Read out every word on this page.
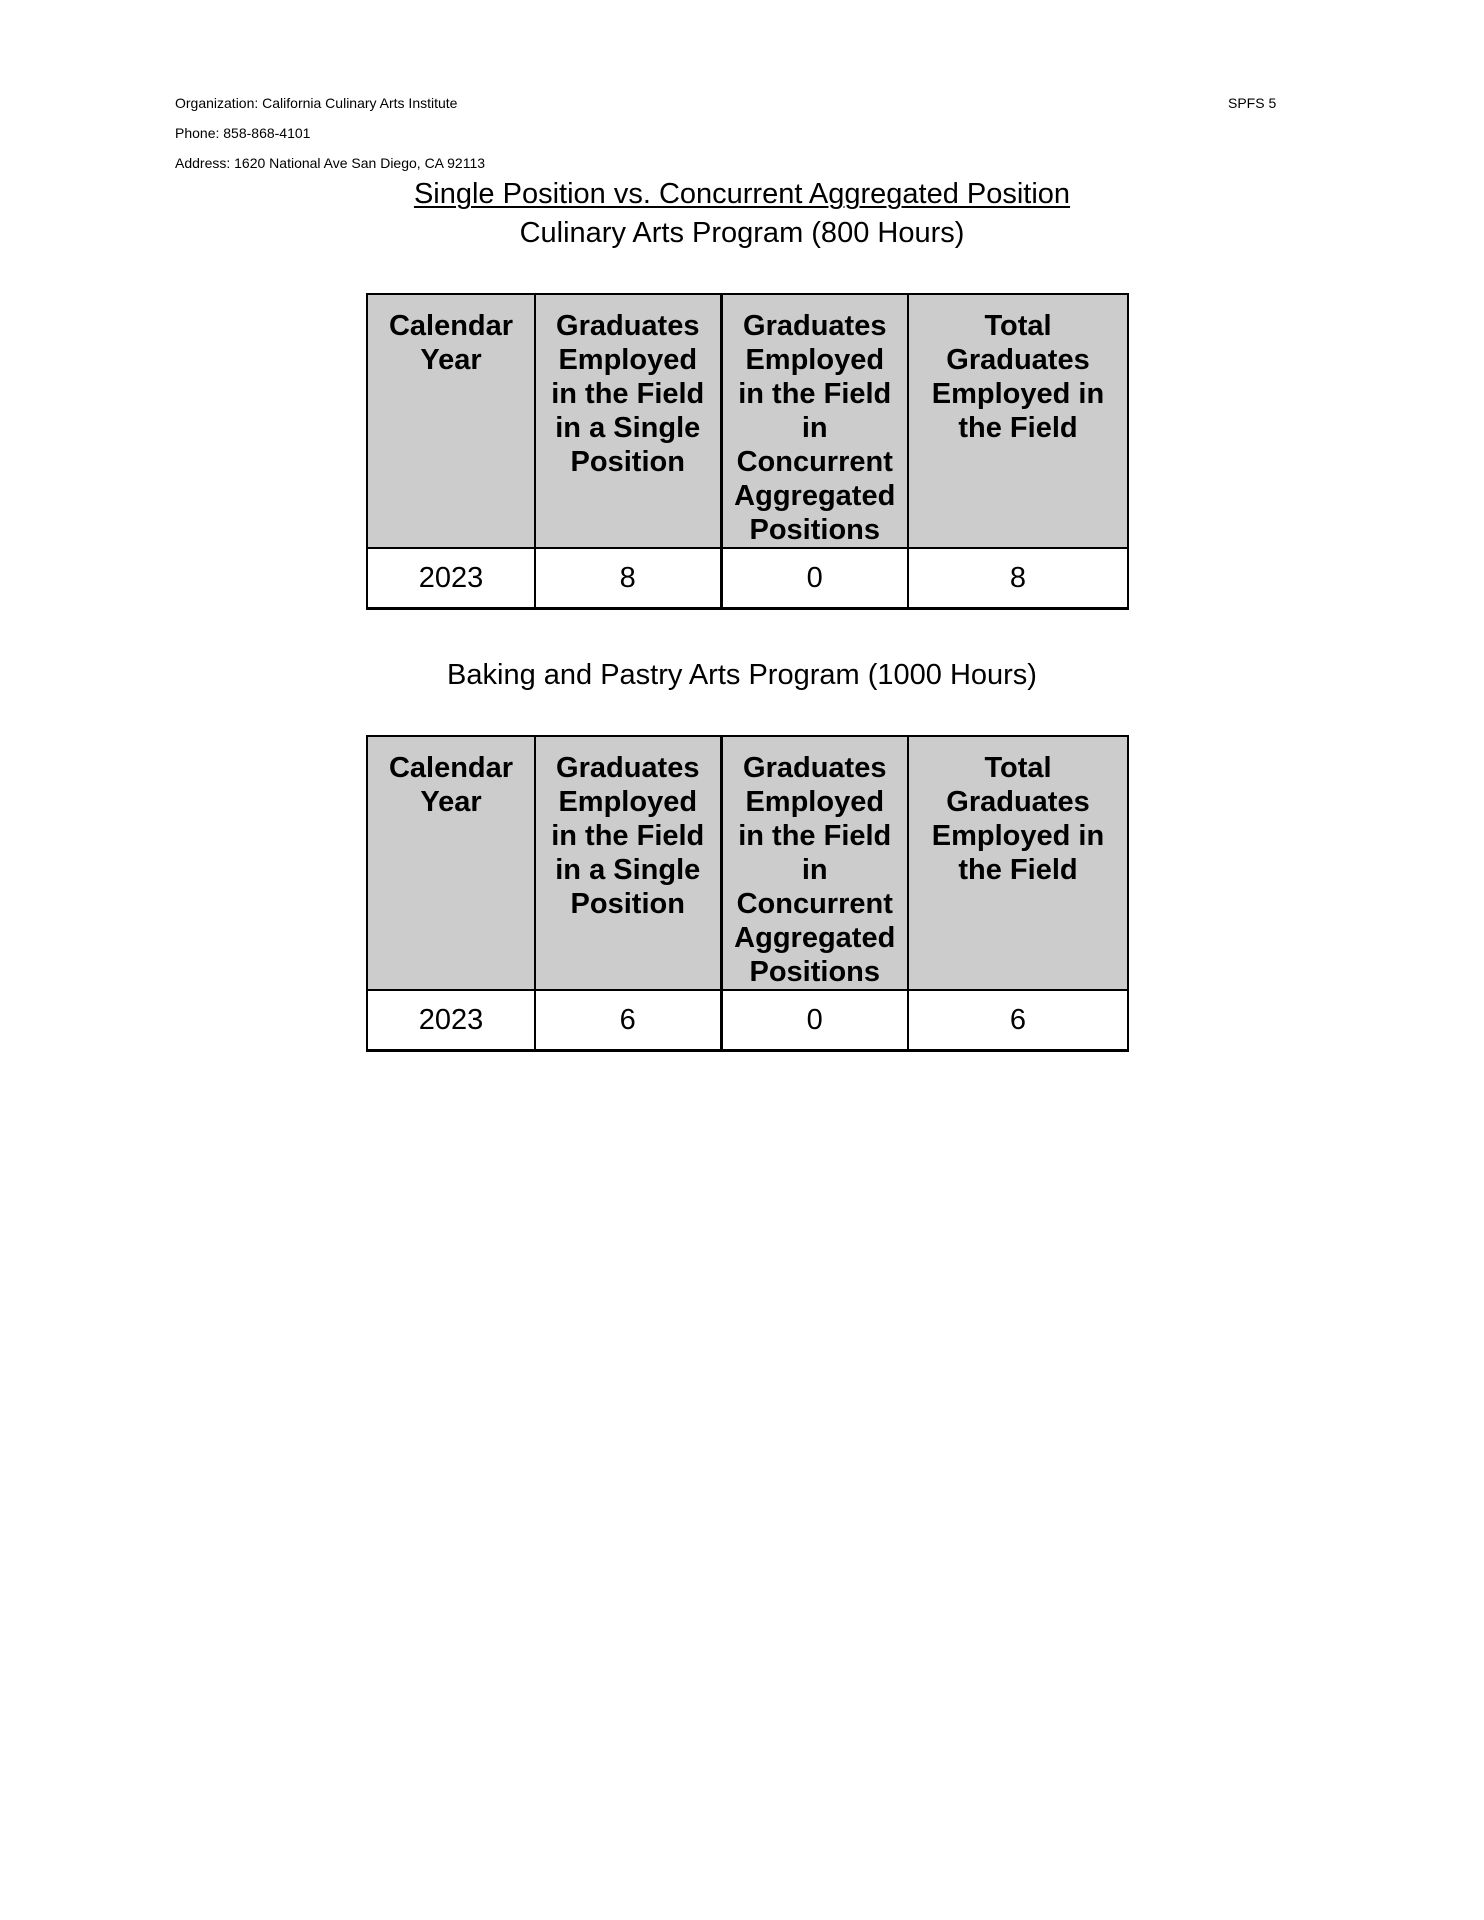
Organization: California Culinary Arts Institute
Phone: 858-868-4101
Address: 1620 National Ave San Diego, CA 92113
SPFS 5
Single Position vs. Concurrent Aggregated Position
Culinary Arts Program (800 Hours)
Calendar Year	Graduates Employed in the Field in a Single Position	Graduates Employed in the Field in Concurrent Aggregated Positions	Total Graduates Employed in the Field
2023	8	0	8
Baking and Pastry Arts Program (1000 Hours)
Calendar Year	Graduates Employed in the Field in a Single Position	Graduates Employed in the Field in Concurrent Aggregated Positions	Total Graduates Employed in the Field
2023	6	0	6
